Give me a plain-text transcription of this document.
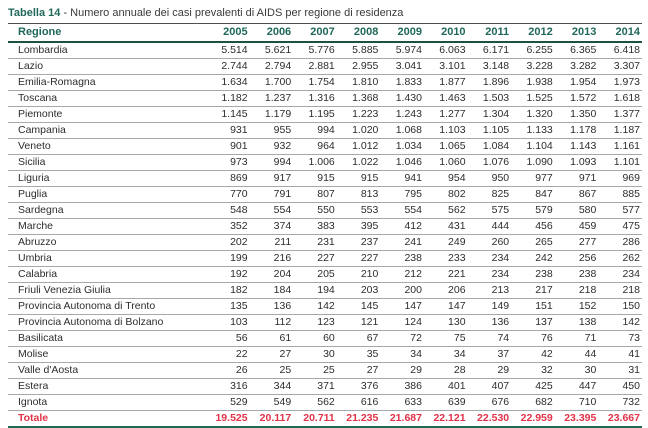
Tabella 14 - Numero annuale dei casi prevalenti di AIDS per regione di residenza
Regione	2005	2006	2007	2008	2009	2010	2011	2012	2013	2014
Lombardia	5.514	5.621	5.776	5.885	5.974	6.063	6.171	6.255	6.365	6.418
Lazio	2.744	2.794	2.881	2.955	3.041	3.101	3.148	3.228	3.282	3.307
Emilia-Romagna	1.634	1.700	1.754	1.810	1.833	1.877	1.896	1.938	1.954	1.973
Toscana	1.182	1.237	1.316	1.368	1.430	1.463	1.503	1.525	1.572	1.618
Piemonte	1.145	1.179	1.195	1.223	1.243	1.277	1.304	1.320	1.350	1.377
Campania	931	955	994	1.020	1.068	1.103	1.105	1.133	1.178	1.187
Veneto	901	932	964	1.012	1.034	1.065	1.084	1.104	1.143	1.161
Sicilia	973	994	1.006	1.022	1.046	1.060	1.076	1.090	1.093	1.101
Liguria	869	917	915	915	941	954	950	977	971	969
Puglia	770	791	807	813	795	802	825	847	867	885
Sardegna	548	554	550	553	554	562	575	579	580	577
Marche	352	374	383	395	412	431	444	456	459	475
Abruzzo	202	211	231	237	241	249	260	265	277	286
Umbria	199	216	227	227	238	233	234	242	256	262
Calabria	192	204	205	210	212	221	234	238	238	234
Friuli Venezia Giulia	182	184	194	203	200	206	213	217	218	218
Provincia Autonoma di Trento	135	136	142	145	147	147	149	151	152	150
Provincia Autonoma di Bolzano	103	112	123	121	124	130	136	137	138	142
Basilicata	56	61	60	67	72	75	74	76	71	73
Molise	22	27	30	35	34	34	37	42	44	41
Valle d'Aosta	26	25	25	27	29	28	29	32	30	31
Estera	316	344	371	376	386	401	407	425	447	450
Ignota	529	549	562	616	633	639	676	682	710	732
Totale	19.525	20.117	20.711	21.235	21.687	22.121	22.530	22.959	23.395	23.667
